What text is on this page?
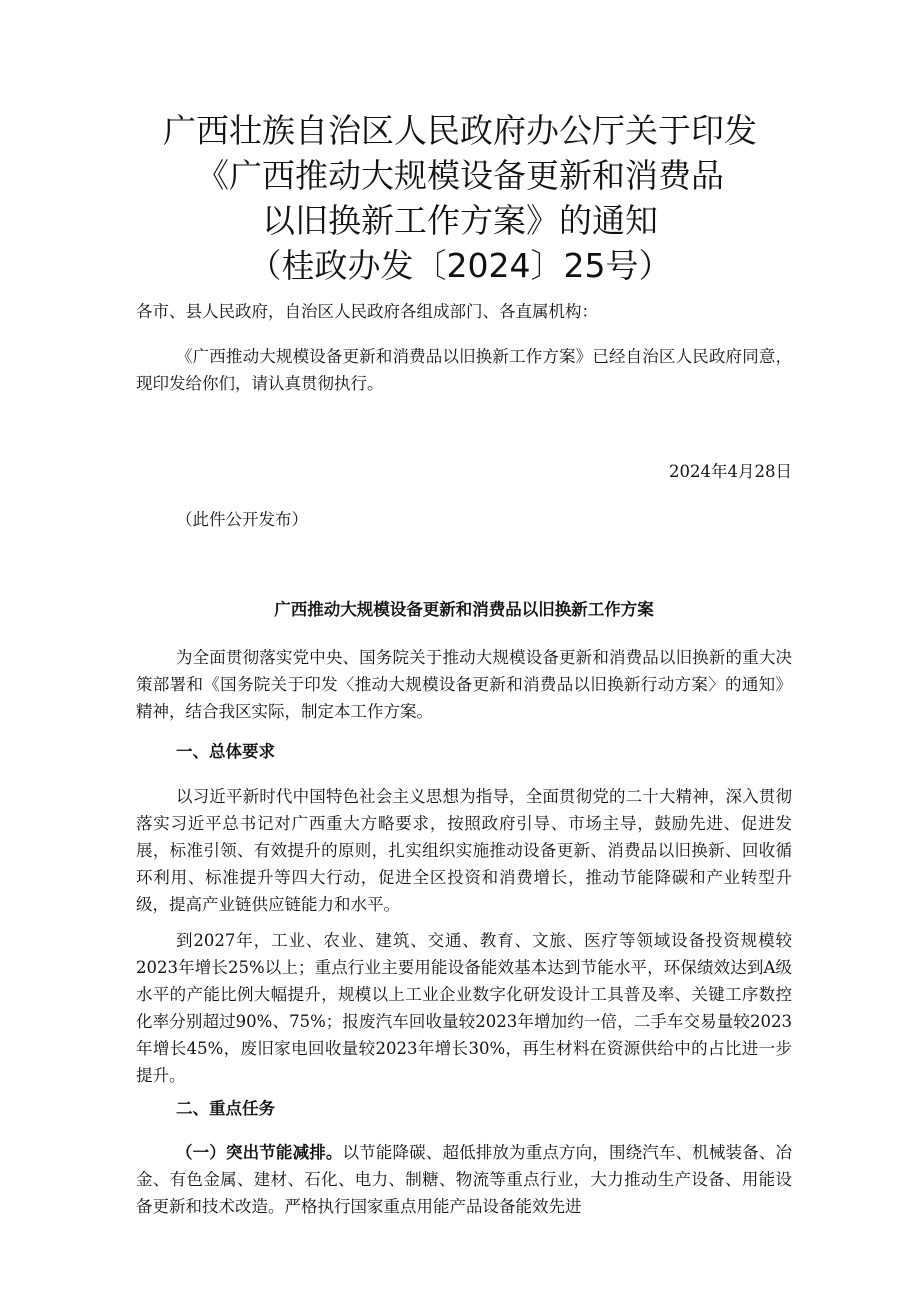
广西壮族自治区人民政府办公厅关于印发
《广西推动大规模设备更新和消费品
以旧换新工作方案》的通知
（桂政办发〔2024〕25号）
各市、县人民政府，自治区人民政府各组成部门、各直属机构：
《广西推动大规模设备更新和消费品以旧换新工作方案》已经自治区人民政府同意，现印发给你们，请认真贯彻执行。
2024年4月28日
（此件公开发布）
广西推动大规模设备更新和消费品以旧换新工作方案
为全面贯彻落实党中央、国务院关于推动大规模设备更新和消费品以旧换新的重大决策部署和《国务院关于印发〈推动大规模设备更新和消费品以旧换新行动方案〉的通知》精神，结合我区实际，制定本工作方案。
一、总体要求
以习近平新时代中国特色社会主义思想为指导，全面贯彻党的二十大精神，深入贯彻落实习近平总书记对广西重大方略要求，按照政府引导、市场主导，鼓励先进、促进发展，标准引领、有效提升的原则，扎实组织实施推动设备更新、消费品以旧换新、回收循环利用、标准提升等四大行动，促进全区投资和消费增长，推动节能降碳和产业转型升级，提高产业链供应链能力和水平。
到2027年，工业、农业、建筑、交通、教育、文旅、医疗等领域设备投资规模较2023年增长25%以上；重点行业主要用能设备能效基本达到节能水平，环保绩效达到A级水平的产能比例大幅提升，规模以上工业企业数字化研发设计工具普及率、关键工序数控化率分别超过90%、75%；报废汽车回收量较2023年增加约一倍，二手车交易量较2023年增长45%，废旧家电回收量较2023年增长30%，再生材料在资源供给中的占比进一步提升。
二、重点任务
（一）突出节能减排。以节能降碳、超低排放为重点方向，围绕汽车、机械装备、冶金、有色金属、建材、石化、电力、制糖、物流等重点行业，大力推动生产设备、用能设备更新和技术改造。严格执行国家重点用能产品设备能效先进
